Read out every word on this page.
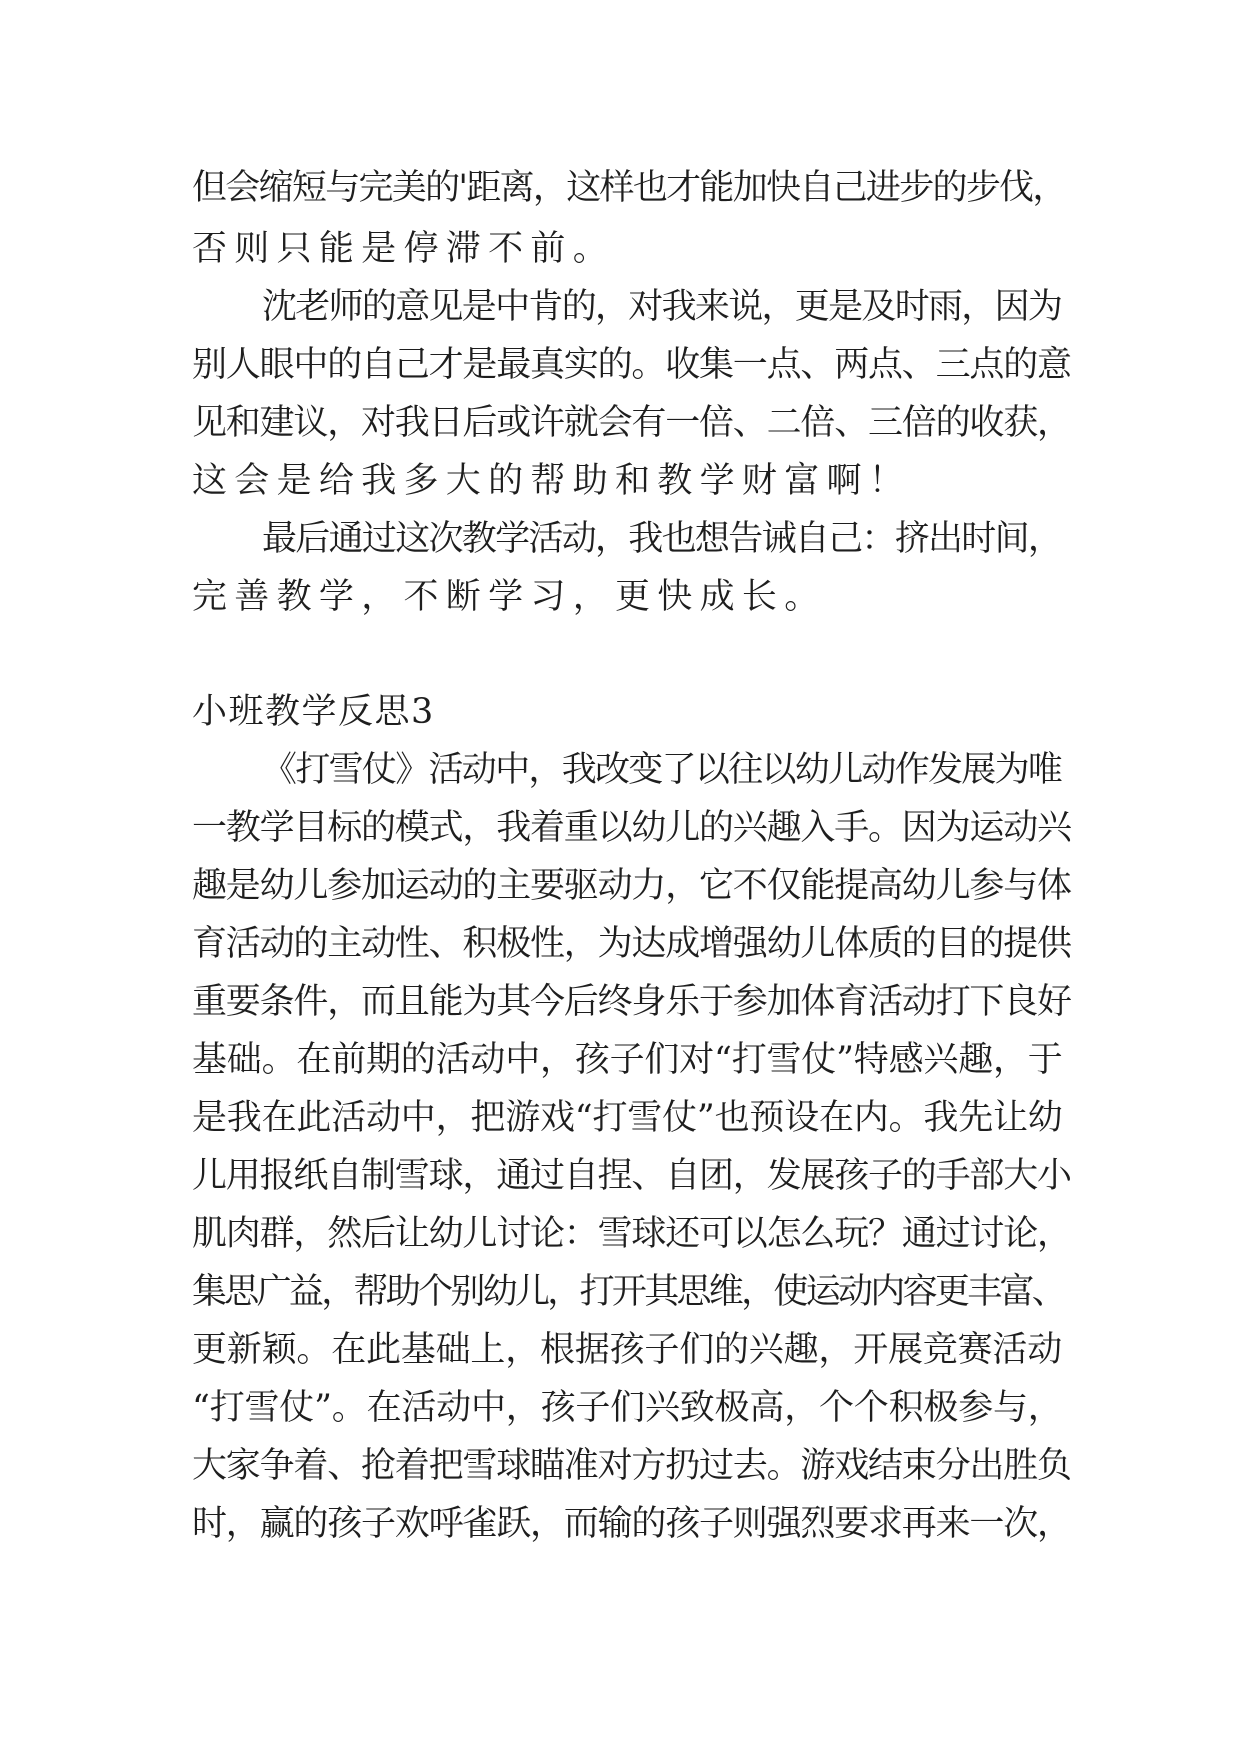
但会缩短与完美的'距离，这样也才能加快自己进步的步伐，
否则只能是停滞不前。
沈老师的意见是中肯的，对我来说，更是及时雨，因为
别人眼中的自己才是最真实的。收集一点、两点、三点的意
见和建议，对我日后或许就会有一倍、二倍、三倍的收获，
这会是给我多大的帮助和教学财富啊！
最后通过这次教学活动，我也想告诫自己：挤出时间，
完善教学，不断学习，更快成长。
小班教学反思3
《打雪仗》活动中，我改变了以往以幼儿动作发展为唯
一教学目标的模式，我着重以幼儿的兴趣入手。因为运动兴
趣是幼儿参加运动的主要驱动力，它不仅能提高幼儿参与体
育活动的主动性、积极性，为达成增强幼儿体质的目的提供
重要条件，而且能为其今后终身乐于参加体育活动打下良好
基础。在前期的活动中，孩子们对“打雪仗”特感兴趣，于
是我在此活动中，把游戏“打雪仗”也预设在内。我先让幼
儿用报纸自制雪球，通过自捏、自团，发展孩子的手部大小
肌肉群，然后让幼儿讨论：雪球还可以怎么玩？通过讨论，
集思广益，帮助个别幼儿，打开其思维，使运动内容更丰富、
更新颖。在此基础上，根据孩子们的兴趣，开展竞赛活动
“打雪仗”。在活动中，孩子们兴致极高，个个积极参与，
大家争着、抢着把雪球瞄准对方扔过去。游戏结束分出胜负
时，赢的孩子欢呼雀跃，而输的孩子则强烈要求再来一次，
